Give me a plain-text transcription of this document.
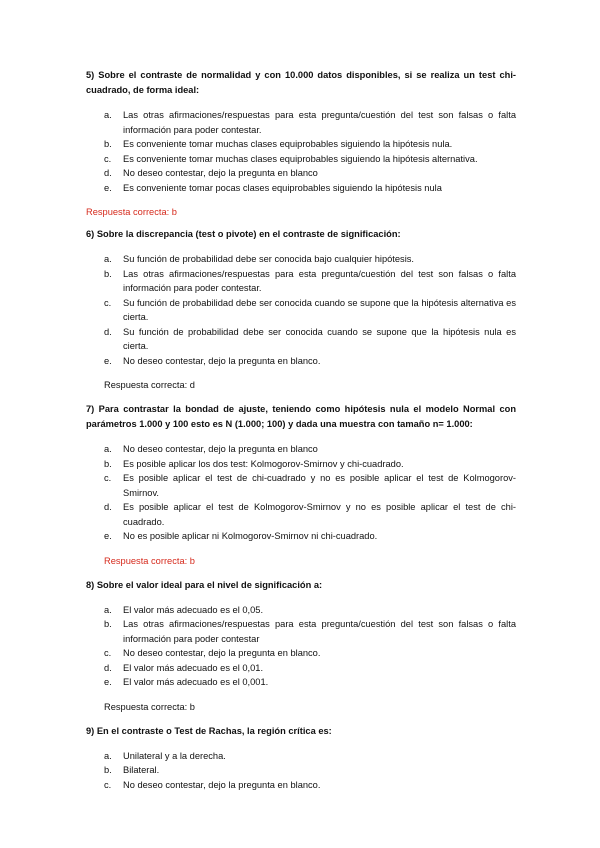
5) Sobre el contraste de normalidad y con 10.000 datos disponibles, si se realiza un test chi-cuadrado, de forma ideal:

a. Las otras afirmaciones/respuestas para esta pregunta/cuestión del test son falsas o falta información para poder contestar.
b. Es conveniente tomar muchas clases equiprobables siguiendo la hipótesis nula.
c. Es conveniente tomar muchas clases equiprobables siguiendo la hipótesis alternativa.
d. No deseo contestar, dejo la pregunta en blanco
e. Es conveniente tomar pocas clases equiprobables siguiendo la hipótesis nula

Respuesta correcta: b

6) Sobre la discrepancia (test o pivote) en el contraste de significación:

a. Su función de probabilidad debe ser conocida bajo cualquier hipótesis.
b. Las otras afirmaciones/respuestas para esta pregunta/cuestión del test son falsas o falta información para poder contestar.
c. Su función de probabilidad debe ser conocida cuando se supone que la hipótesis alternativa es cierta.
d. Su función de probabilidad debe ser conocida cuando se supone que la hipótesis nula es cierta.
e. No deseo contestar, dejo la pregunta en blanco.

Respuesta correcta: d

7) Para contrastar la bondad de ajuste, teniendo como hipótesis nula el modelo Normal con parámetros 1.000 y 100 esto es N (1.000; 100) y dada una muestra con tamaño n= 1.000:

a. No deseo contestar, dejo la pregunta en blanco
b. Es posible aplicar los dos test: Kolmogorov-Smirnov y chi-cuadrado.
c. Es posible aplicar el test de chi-cuadrado y no es posible aplicar el test de Kolmogorov-Smirnov.
d. Es posible aplicar el test de Kolmogorov-Smirnov y no es posible aplicar el test de chi-cuadrado.
e. No es posible aplicar ni Kolmogorov-Smirnov ni chi-cuadrado.

Respuesta correcta: b

8) Sobre el valor ideal para el nivel de significación a:

a. El valor más adecuado es el 0,05.
b. Las otras afirmaciones/respuestas para esta pregunta/cuestión del test son falsas o falta información para poder contestar
c. No deseo contestar, dejo la pregunta en blanco.
d. El valor más adecuado es el 0,01.
e. El valor más adecuado es el 0,001.

Respuesta correcta: b

9) En el contraste o Test de Rachas, la región crítica es:

a. Unilateral y a la derecha.
b. Bilateral.
c. No deseo contestar, dejo la pregunta en blanco.
